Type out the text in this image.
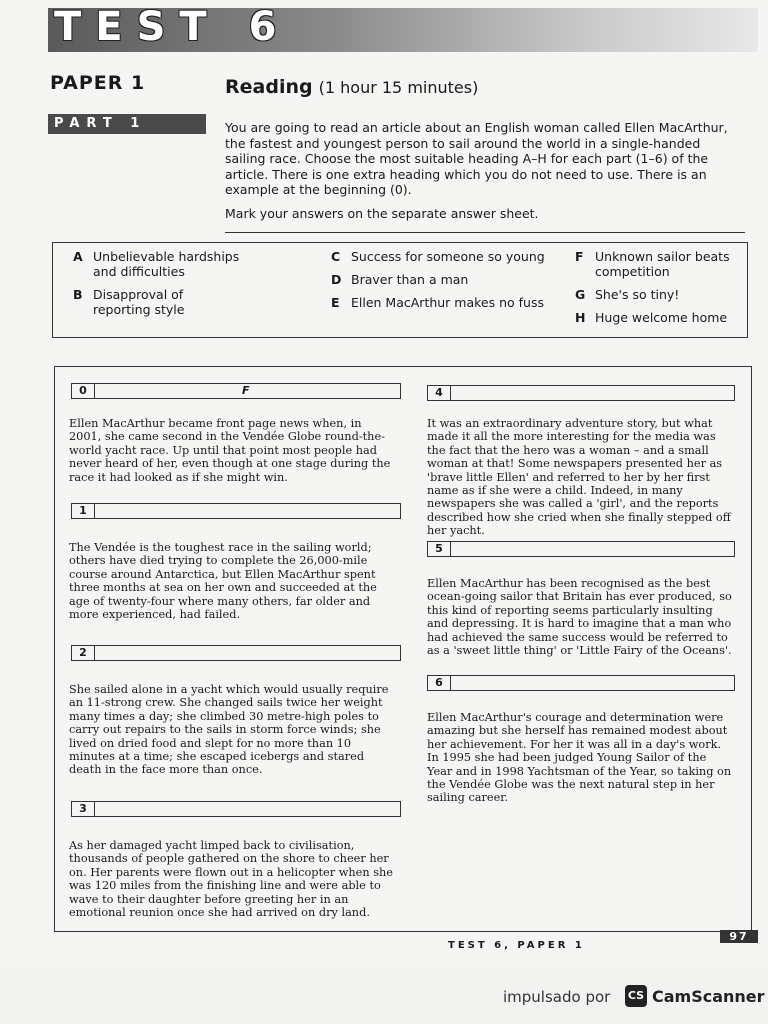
TEST 6
PAPER 1	Reading (1 hour 15 minutes)
PART 1	You are going to read an article about an English woman called Ellen MacArthur, the fastest and youngest person to sail around the world in a single-handed sailing race. Choose the most suitable heading A–H for each part (1–6) of the article. There is one extra heading which you do not need to use. There is an example at the beginning (0).

Mark your answers on the separate answer sheet.

A Unbelievable hardships and difficulties
B Disapproval of reporting style
C Success for someone so young
D Braver than a man
E Ellen MacArthur makes no fuss
F Unknown sailor beats competition
G She's so tiny!
H Huge welcome home
0	F

Ellen MacArthur became front page news when, in 2001, she came second in the Vendée Globe round-the-world yacht race. Up until that point most people had never heard of her, even though at one stage during the race it had looked as if she might win.

1

The Vendée is the toughest race in the sailing world; others have died trying to complete the 26,000-mile course around Antarctica, but Ellen MacArthur spent three months at sea on her own and succeeded at the age of twenty-four where many others, far older and more experienced, had failed.

2

She sailed alone in a yacht which would usually require an 11-strong crew. She changed sails twice her weight many times a day; she climbed 30 metre-high poles to carry out repairs to the sails in storm force winds; she lived on dried food and slept for no more than 10 minutes at a time; she escaped icebergs and stared death in the face more than once.

3

As her damaged yacht limped back to civilisation, thousands of people gathered on the shore to cheer her on. Her parents were flown out in a helicopter when she was 120 miles from the finishing line and were able to wave to their daughter before greeting her in an emotional reunion once she had arrived on dry land.

4

It was an extraordinary adventure story, but what made it all the more interesting for the media was the fact that the hero was a woman – and a small woman at that! Some newspapers presented her as 'brave little Ellen' and referred to her by her first name as if she were a child. Indeed, in many newspapers she was called a 'girl', and the reports described how she cried when she finally stepped off her yacht.

5

Ellen MacArthur has been recognised as the best ocean-going sailor that Britain has ever produced, so this kind of reporting seems particularly insulting and depressing. It is hard to imagine that a man who had achieved the same success would be referred to as a 'sweet little thing' or 'Little Fairy of the Oceans'.

6

Ellen MacArthur's courage and determination were amazing but she herself has remained modest about her achievement. For her it was all in a day's work. In 1995 she had been judged Young Sailor of the Year and in 1998 Yachtsman of the Year, so taking on the Vendée Globe was the next natural step in her sailing career.

TEST 6, PAPER 1
97
impulsado por CS CamScanner
